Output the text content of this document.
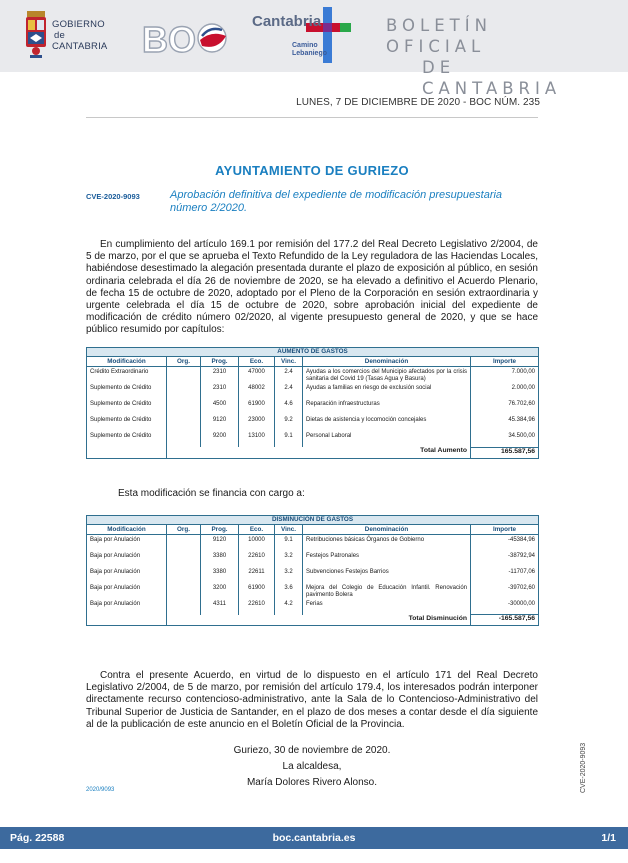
GOBIERNO
de
CANTABRIA BO	Cantabria
Camino
Lebaniego
BOLETÍN OFICIAL
DE CANTABRIA
LUNES, 7 DE DICIEMBRE DE 2020 - BOC NÚM. 235
AYUNTAMIENTO DE GURIEZO
CVE-2020-9093	Aprobación definitiva del expediente de modificación presupuestaria número 2/2020.
En cumplimiento del artículo 169.1 por remisión del 177.2 del Real Decreto Legislativo 2/2004, de 5 de marzo, por el que se aprueba el Texto Refundido de la Ley reguladora de las Haciendas Locales, habiéndose desestimado la alegación presentada durante el plazo de exposición al público, en sesión ordinaria celebrada el día 26 de noviembre de 2020, se ha elevado a definitivo el Acuerdo Plenario, de fecha 15 de octubre de 2020, adoptado por el Pleno de la Corporación en sesión extraordinaria y urgente celebrada el día 15 de octubre de 2020, sobre aprobación inicial del expediente de modificación de crédito número 02/2020, al vigente presupuesto general de 2020, y que se hace público resumido por capítulos:
AUMENTO DE GASTOS						
Modificación	Org.	Prog.	Eco.	Vinc.	Denominación	Importe
Crédito Extraordinario		2310	47000	2.4	Ayudas a los comercios del Municipio afectados por la crisis sanitaria del Covid 19 (Tasas Agua y Basura)	7.000,00
Suplemento de Crédito		2310	48002	2.4	Ayudas a familias en riesgo de exclusión social	2.000,00
Suplemento de Crédito		4500	61900	4.6	Reparación infraestructuras	76.702,60
Suplemento de Crédito		9120	23000	9.2	Dietas de asistencia y locomoción concejales	45.384,96
Suplemento de Crédito		9200	13100	9.1	Personal Laboral	34.500,00
	Total Aumento					165.587,56
Esta modificación se financia con cargo a:
DISMINUCIÓN DE GASTOS						
Modificación	Org.	Prog.	Eco.	Vinc.	Denominación	Importe
Baja por Anulación		9120	10000	9.1	Retribuciones básicas Órganos de Gobierno	-45384,96
Baja por Anulación		3380	22610	3.2	Festejos Patronales	-38792,94
Baja por Anulación		3380	22611	3.2	Subvenciones Festejos Barrios	-11707,06
Baja por Anulación		3200	61900	3.6	Mejora del Colegio de Educación Infantil. Renovación pavimento Bolera	-39702,60
Baja por Anulación		4311	22610	4.2	Ferias	-30000,00
	Total Disminución					-165.587,56
Contra el presente Acuerdo, en virtud de lo dispuesto en el artículo 171 del Real Decreto Legislativo 2/2004, de 5 de marzo, por remisión del artículo 179.4, los interesados podrán interponer directamente recurso contencioso-administrativo, ante la Sala de lo Contencioso-Administrativo del Tribunal Superior de Justicia de Santander, en el plazo de dos meses a contar desde el día siguiente al de la publicación de este anuncio en el Boletín Oficial de la Provincia.
Guriezo, 30 de noviembre de 2020.
La alcaldesa,
María Dolores Rivero Alonso.
2020/9093	CVE-2020-9093
Pág. 22588	boc.cantabria.es	1/1
